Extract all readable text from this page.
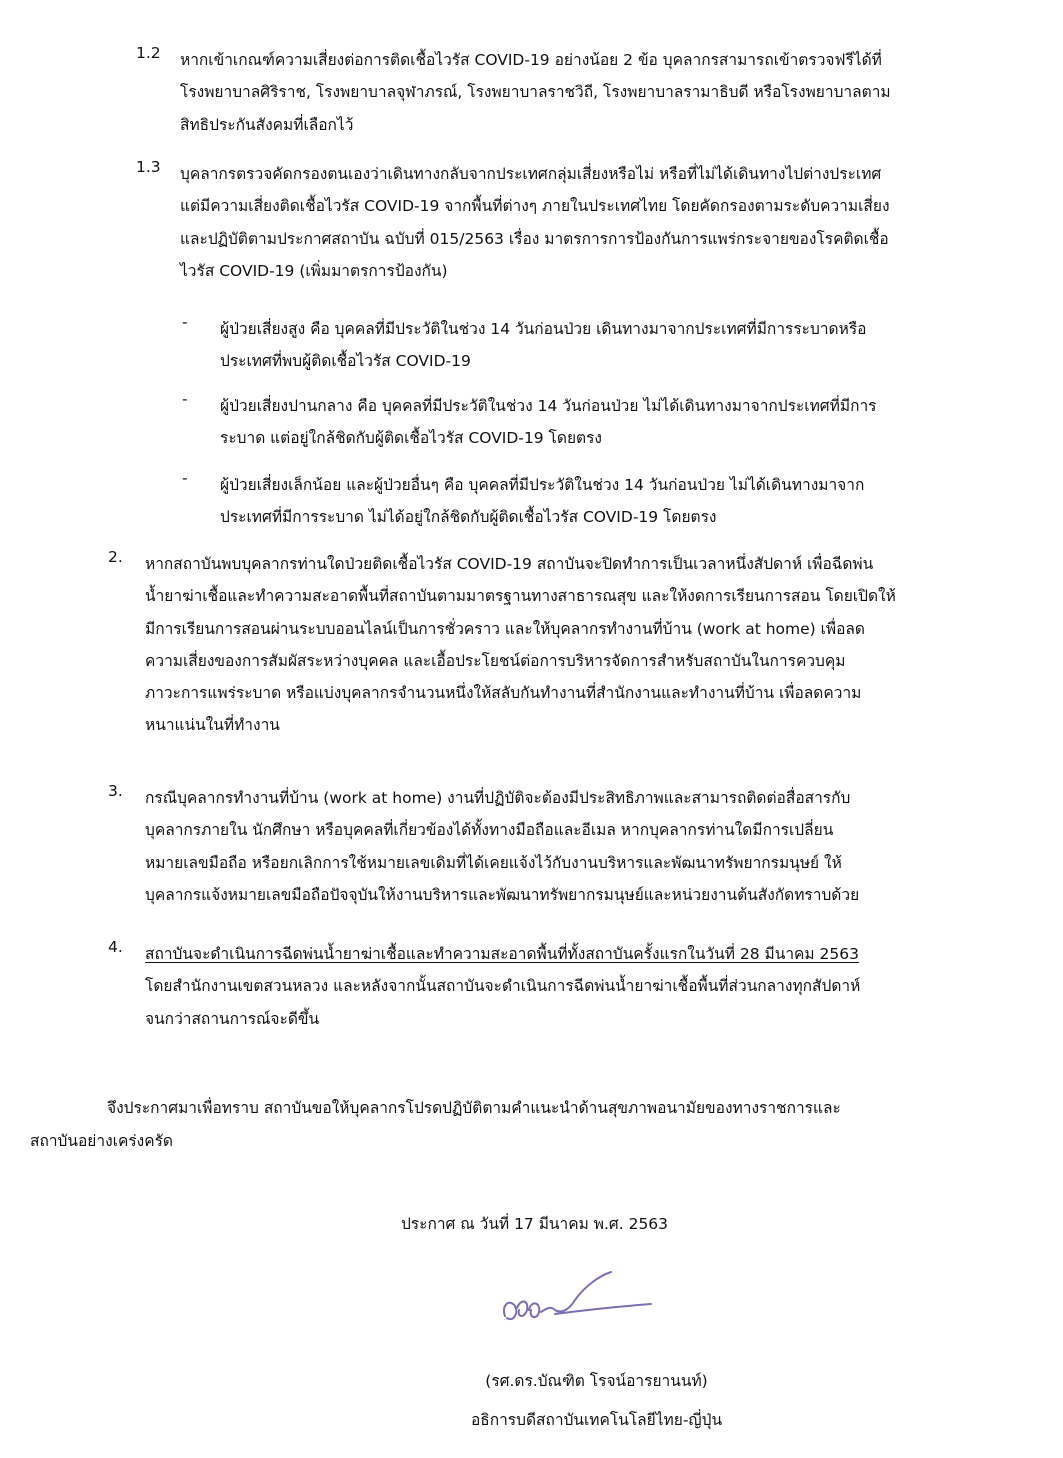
1.2 หากเข้าเกณฑ์ความเสี่ยงต่อการติดเชื้อไวรัส COVID-19 อย่างน้อย 2 ข้อ บุคลากรสามารถเข้าตรวจฟรีได้ที่
โรงพยาบาลศิริราช, โรงพยาบาลจุฬาภรณ์, โรงพยาบาลราชวิถี, โรงพยาบาลรามาธิบดี หรือโรงพยาบาลตาม
สิทธิประกันสังคมที่เลือกไว้
1.3 บุคลากรตรวจคัดกรองตนเองว่าเดินทางกลับจากประเทศกลุ่มเสี่ยงหรือไม่ หรือที่ไม่ได้เดินทางไปต่างประเทศ
แต่มีความเสี่ยงติดเชื้อไวรัส COVID-19 จากพื้นที่ต่างๆ ภายในประเทศไทย โดยคัดกรองตามระดับความเสี่ยง
และปฏิบัติตามประกาศสถาบัน ฉบับที่ 015/2563 เรื่อง มาตรการการป้องกันการแพร่กระจายของโรคติดเชื้อ
ไวรัส COVID-19 (เพิ่มมาตรการป้องกัน)
- ผู้ป่วยเสี่ยงสูง คือ บุคคลที่มีประวัติในช่วง 14 วันก่อนป่วย เดินทางมาจากประเทศที่มีการระบาดหรือ
ประเทศที่พบผู้ติดเชื้อไวรัส COVID-19
- ผู้ป่วยเสี่ยงปานกลาง คือ บุคคลที่มีประวัติในช่วง 14 วันก่อนป่วย ไม่ได้เดินทางมาจากประเทศที่มีการ
ระบาด แต่อยู่ใกล้ชิดกับผู้ติดเชื้อไวรัส COVID-19 โดยตรง
- ผู้ป่วยเสี่ยงเล็กน้อย และผู้ป่วยอื่นๆ คือ บุคคลที่มีประวัติในช่วง 14 วันก่อนป่วย ไม่ได้เดินทางมาจาก
ประเทศที่มีการระบาด ไม่ได้อยู่ใกล้ชิดกับผู้ติดเชื้อไวรัส COVID-19 โดยตรง
2. หากสถาบันพบบุคลากรท่านใดป่วยติดเชื้อไวรัส COVID-19 สถาบันจะปิดทำการเป็นเวลาหนึ่งสัปดาห์ เพื่อฉีดพ่น
น้ำยาฆ่าเชื้อและทำความสะอาดพื้นที่สถาบันตามมาตรฐานทางสาธารณสุข และให้งดการเรียนการสอน โดยเปิดให้
มีการเรียนการสอนผ่านระบบออนไลน์เป็นการชั่วคราว และให้บุคลากรทำงานที่บ้าน (work at home) เพื่อลด
ความเสี่ยงของการสัมผัสระหว่างบุคคล และเอื้อประโยชน์ต่อการบริหารจัดการสำหรับสถาบันในการควบคุม
ภาวะการแพร่ระบาด หรือแบ่งบุคลากรจำนวนหนึ่งให้สลับกันทำงานที่สำนักงานและทำงานที่บ้าน เพื่อลดความ
หนาแน่นในที่ทำงาน
3. กรณีบุคลากรทำงานที่บ้าน (work at home) งานที่ปฏิบัติจะต้องมีประสิทธิภาพและสามารถติดต่อสื่อสารกับ
บุคลากรภายใน นักศึกษา หรือบุคคลที่เกี่ยวข้องได้ทั้งทางมือถือและอีเมล หากบุคลากรท่านใดมีการเปลี่ยน
หมายเลขมือถือ หรือยกเลิกการใช้หมายเลขเดิมที่ได้เคยแจ้งไว้กับงานบริหารและพัฒนาทรัพยากรมนุษย์ ให้
บุคลากรแจ้งหมายเลขมือถือปัจจุบันให้งานบริหารและพัฒนาทรัพยากรมนุษย์และหน่วยงานต้นสังกัดทราบด้วย
4. สถาบันจะดำเนินการฉีดพ่นน้ำยาฆ่าเชื้อและทำความสะอาดพื้นที่ทั้งสถาบันครั้งแรกในวันที่ 28 มีนาคม 2563
โดยสำนักงานเขตสวนหลวง และหลังจากนั้นสถาบันจะดำเนินการฉีดพ่นน้ำยาฆ่าเชื้อพื้นที่ส่วนกลางทุกสัปดาห์
จนกว่าสถานการณ์จะดีขึ้น
จึงประกาศมาเพื่อทราบ สถาบันขอให้บุคลากรโปรดปฏิบัติตามคำแนะนำด้านสุขภาพอนามัยของทางราชการและ
สถาบันอย่างเคร่งครัด
ประกาศ ณ วันที่ 17 มีนาคม พ.ศ. 2563
(รศ.ดร.บัณฑิต โรจน์อารยานนท์)
อธิการบดีสถาบันเทคโนโลยีไทย-ญี่ปุ่น
